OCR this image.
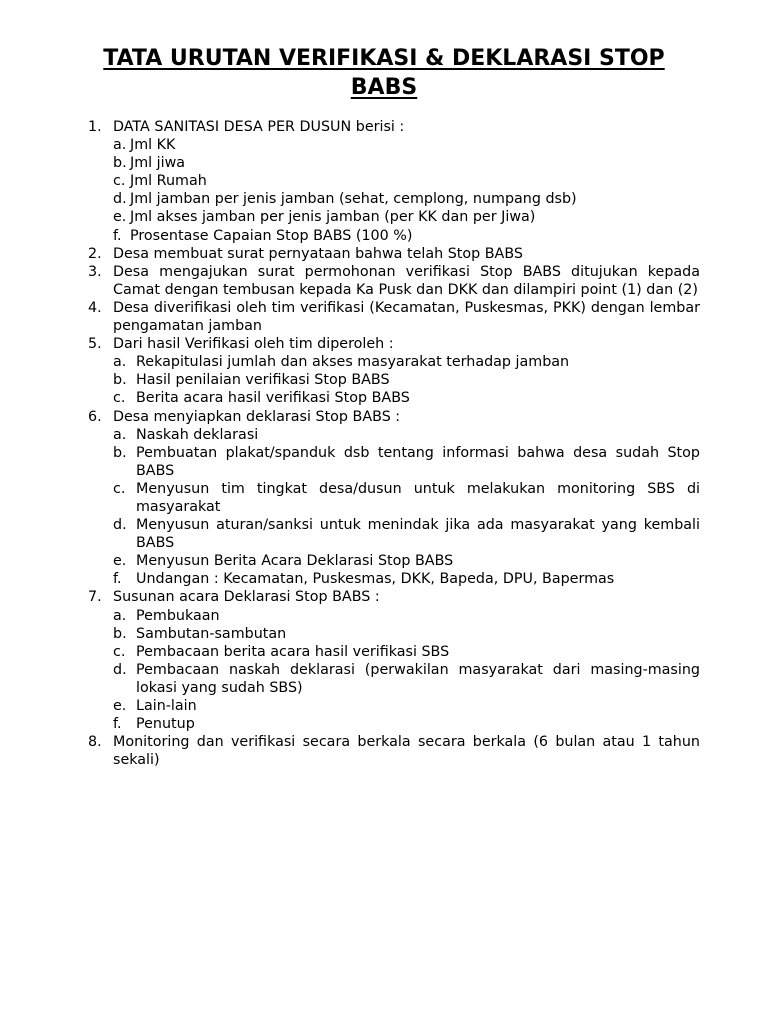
TATA URUTAN VERIFIKASI & DEKLARASI STOP BABS
1. DATA SANITASI DESA PER DUSUN berisi :
a. Jml KK
b. Jml jiwa
c. Jml Rumah
d. Jml jamban per jenis jamban (sehat, cemplong, numpang dsb)
e. Jml akses jamban per jenis jamban (per KK dan per Jiwa)
f. Prosentase Capaian Stop BABS (100 %)
2. Desa membuat surat pernyataan bahwa telah Stop BABS
3. Desa mengajukan surat permohonan verifikasi Stop BABS ditujukan kepada Camat dengan tembusan kepada Ka Pusk dan DKK dan dilampiri point (1) dan (2)
4. Desa diverifikasi oleh tim verifikasi (Kecamatan, Puskesmas, PKK) dengan lembar pengamatan jamban
5. Dari hasil Verifikasi oleh tim diperoleh :
a. Rekapitulasi jumlah dan akses masyarakat terhadap jamban
b. Hasil penilaian verifikasi Stop BABS
c. Berita acara hasil verifikasi Stop BABS
6. Desa menyiapkan deklarasi Stop BABS :
a. Naskah deklarasi
b. Pembuatan plakat/spanduk dsb tentang informasi bahwa desa sudah Stop BABS
c. Menyusun tim tingkat desa/dusun untuk melakukan monitoring SBS di masyarakat
d. Menyusun aturan/sanksi untuk menindak jika ada masyarakat yang kembali BABS
e. Menyusun Berita Acara Deklarasi Stop BABS
f.	Undangan : Kecamatan, Puskesmas, DKK, Bapeda, DPU, Bapermas
7. Susunan acara Deklarasi Stop BABS :
a. Pembukaan
b. Sambutan-sambutan
c. Pembacaan berita acara hasil verifikasi SBS
d. Pembacaan naskah deklarasi (perwakilan masyarakat dari masing-masing lokasi yang sudah SBS)
e. Lain-lain
f.	Penutup
8. Monitoring dan verifikasi secara berkala secara berkala (6 bulan atau 1 tahun sekali)
